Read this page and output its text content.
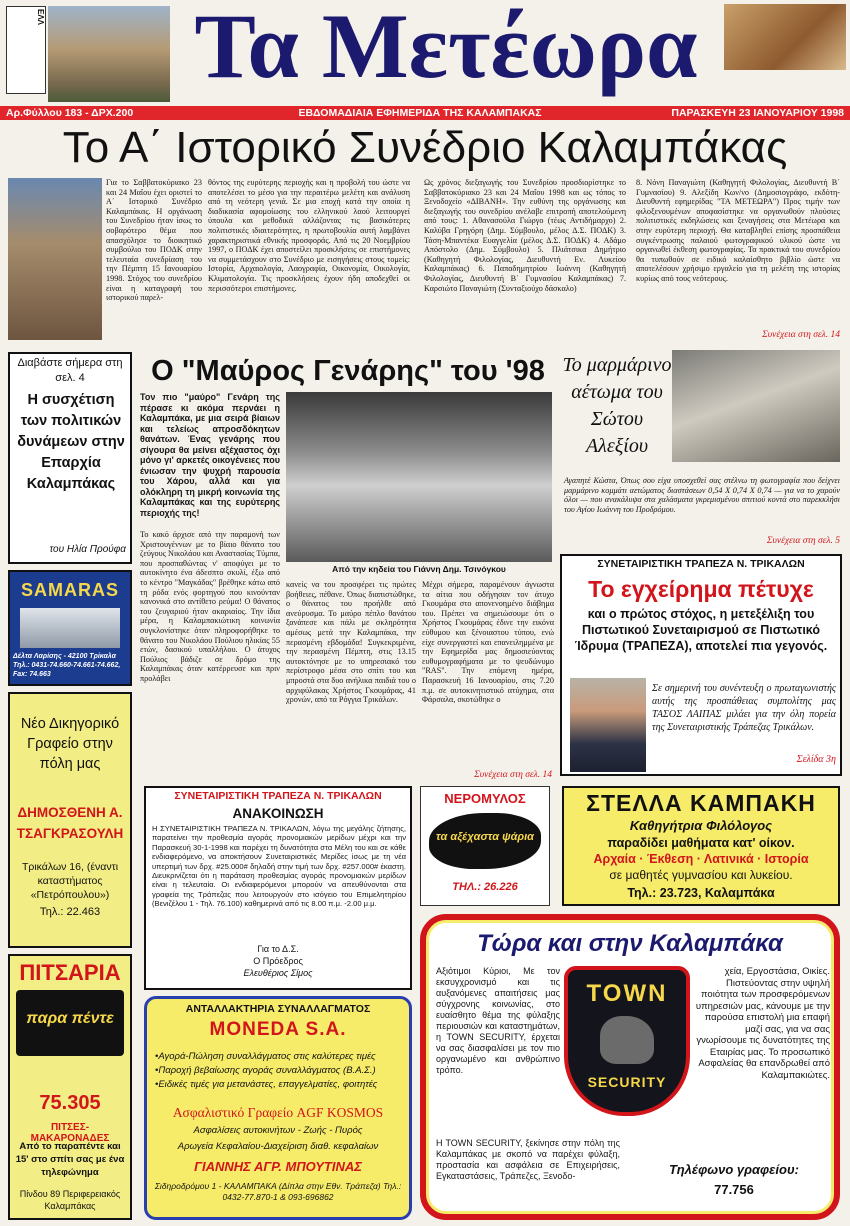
ΕΛΛ Τα Μετέωρα
Αρ.Φύλλου 183 - ΔΡΧ.200	ΕΒΔΟΜΑΔΙΑΙΑ ΕΦΗΜΕΡΙΔΑ ΤΗΣ ΚΑΛΑΜΠΑΚΑΣ	ΠΑΡΑΣΚΕΥΗ 23 ΙΑΝΟΥΑΡΙΟΥ 1998
Το Α΄ Ιστορικό Συνέδριο Καλαμπάκας
Για το Σαββατοκύριακο 23 και 24 Μαΐου έχει οριστεί το Α΄ Ιστορικό Συνέδριο Καλαμπάκας. Η οργάνωση του Συνεδρίου ήταν ίσως το σοβαρότερο θέμα που απασχόλησε το διοικητικό συμβούλιο του ΠΟΔΚ στην τελευταία συνεδρίαση του την Πέμπτη 15 Ιανουαρίου 1998. Στόχος του συνεδρίου είναι η καταγραφή του ιστορικού παρελ-
θόντος της ευρύτερης περιοχής και η προβολή του ώστε να αποτελέσει το μέσο για την περαιτέρω μελέτη και ανάλυση από τη νεότερη γενιά. Σε μια εποχή κατά την οποία η διαδικασία αφομοίωσης του ελληνικού λαού λειτουργεί ύπουλα και μεθοδικά αλλάζοντας τις βασικότερες πολιτιστικές ιδιαιτερότητες, η πρωτοβουλία αυτή λαμβάνει χαρακτηριστικά εθνικής προσφοράς. Από τις 20 Νοεμβρίου 1997, ο ΠΟΔΚ έχει αποστείλει προσκλήσεις σε επιστήμονες να συμμετάσχουν στο Συνέδριο με εισηγήσεις στους τομείς: Ιστορία, Αρχαιολογία, Λαογραφία, Οικονομία, Οικολογία, Κλιματολογία. Τις προσκλήσεις έχουν ήδη αποδεχθεί οι περισσότεροι επιστήμονες.
Ως χρόνος διεξαγωγής του Συνεδρίου προσδιορίστηκε το Σαββατοκύριακο 23 και 24 Μαΐου 1998 και ως τόπος το Ξενοδοχείο «ΔΙΒΑΝΗ». Την ευθύνη της οργάνωσης και διεξαγωγής του συνεδρίου ανέλαβε επιτροπή αποτελούμενη από τους: 1. Αθανασούλα Γιώργο (τέως Αντιδήμαρχο) 2. Καλύβα Γρηγόρη (Δημ. Σύμβουλο, μέλος Δ.Σ. ΠΟΔΚ) 3. Τάση-Μπαντέκα Ευαγγελία (μέλος Δ.Σ. ΠΟΔΚ) 4. Αδάμο Απόστολο (Δημ. Σύμβουλο) 5. Πλιάτσικα Δημήτριο (Καθηγητή Φιλολογίας, Διευθυντή Εν. Λυκείου Καλαμπάκας) 6. Παπαδημητρίου Ιωάννη (Καθηγητή Φιλολογίας, Διευθυντή Β΄ Γυμνασίου Καλαμπάκας) 7. Καρσιώτο Παναγιώτη (Συνταξιούχο δάσκαλο)
8. Νόνη Παναγιώτη (Καθηγητή Φιλολογίας, Διευθυντή Β΄ Γυμνασίου) 9. Αλεξίδη Κων/νο (Δημοσιογράφο, εκδότη-Διευθυντή εφημερίδας "ΤΑ ΜΕΤΕΩΡΑ") Προς τιμήν των φιλοξενουμένων αποφασίστηκε να οργανωθούν πλούσιες πολιτιστικές εκδηλώσεις και ξεναγήσεις στα Μετέωρα και στην ευρύτερη περιοχή. Θα καταβληθεί επίσης προσπάθεια συγκέντρωσης παλαιού φωτογραφικού υλικού ώστε να οργανωθεί έκθεση φωτογραφίας. Τα πρακτικά του συνεδρίου θα τυπωθούν σε ειδικό καλαίσθητο βιβλίο ώστε να αποτελέσουν χρήσιμο εργαλείο για τη μελέτη της ιστορίας κυρίως από τους νεότερους.
Συνέχεια στη σελ. 14
Διαβάστε σήμερα στη σελ. 4
Η συσχέτιση των πολιτικών δυνάμεων στην Επαρχία Καλαμπάκας
του Ηλία Προύφα
SAMARAS
Δέλτα Λαρίσης - 42100 Τρίκαλα Τηλ.: 0431-74.660-74.661-74.662, Fax: 74.663
Νέο Δικηγορικό Γραφείο στην πόλη μας
ΔΗΜΟΣΘΕΝΗ Α. ΤΣΑΓΚΡΑΣΟΥΛΗ
Τρικάλων 16, (έναντι καταστήματος «Πετρόπουλου»)
Τηλ.: 22.463
ΠΙΤΣΑΡΙΑ
παρα πέντε
75.305
ΠΙΤΣΕΣ-ΜΑΚΑΡΟΝΑΔΕΣ
Από το παραπέντε και 15' στο σπίτι σας με ένα τηλεφώνημα
Πίνδου 89 Περιφερειακός Καλαμπάκας
Ο "Μαύρος Γενάρης" του '98
Τον πιο "μαύρο" Γενάρη της πέρασε κι ακόμα περνάει η Καλαμπάκα, με μια σειρά βίαιων και τελείως απροσδόκητων θανάτων. Ένας γενάρης που σίγουρα θα μείνει αξέχαστος όχι μόνο γι' αρκετές οικογένειες που ένιωσαν την ψυχρή παρουσία του Χάρου, αλλά και για ολόκληρη τη μικρή κοινωνία της Καλαμπάκας και της ευρύτερης περιοχής της!
Το κακό άρχισε από την παραμονή των Χριστουγέννων με το βίαιο θάνατο του ζεύγους Νικολάου και Αναστασίας Τύμπα, που προσπαθώντας ν' αποφύγει με το αυτοκίνητο ένα άδεσπτο σκυλί, έξω από το κέντρο "Μαγκάδας" βρέθηκε κάτω από τη ρόδα ενός φορτηγού που κινούνταν κανονικά στο αντίθετο ρεύμα! Ο θάνατος του ζευγαριού ήταν ακαριαίος. Την ίδια μέρα, η Καλαμπακιώτικη κοινωνία συγκλονίστηκε όταν πληροφορήθηκε το θάνατο του Νικολάου Πούλιου ηλικίας 55 ετών, δασικού υπαλλήλου. Ο άτυχος Πούλιος βάδιζε σε δρόμο της Καλαμπάκας όταν κατέρρευσε και πριν προλάβει
Από την κηδεία του Γιάννη Δημ. Τσινόγκου
κανείς να του προσφέρει τις πρώτες βοήθειες, πέθανε. Όπως διαπιστώθηκε, ο θάνατος του προήλθε από ανεύρυσμα. Το μαύρο πέπλο θανάτου ξανάπεσε και πάλι με σκληρότητα αμέσως μετά την Καλαμπάκα, την περασμένη εβδομάδα! Συγκεκριμένα, την περασμένη Πέμπτη, στις 13.15 αυτοκτόνησε με το υπηρεσιακό του περίστροφο μέσα στο σπίτι του και μπροστά στα δυο ανήλικα παιδιά του ο αρχιφύλακας Χρήστος Γκουμάρας, 41 χρονών, από τα Ρόγγια Τρικάλων.
Μέχρι σήμερα, παραμένουν άγνωστα τα αίτια που οδήγησαν τον άτυχο Γκουμάρα στο απονενοημένο διάβημα του. Πρέπει να σημειώσουμε ότι ο Χρήστος Γκουμάρας έδινε την εικόνα εύθυμου και ξένοιαστου τύπου, ενώ είχε συνεργαστεί και επανειλημμένα με την Εφημερίδα μας δημοσιεύοντας ευθυμογραφήματα με το ψευδώνυμο "RAS". Την επόμενη ημέρα, Παρασκευή 16 Ιανουαρίου, στις 7.20 π.μ. σε αυτοκινητιστικό ατύχημα, στα Φάρσαλα, σκοτώθηκε ο
Συνέχεια στη σελ. 14
Το μαρμάρινο αέτωμα του Σώτου Αλεξίου
Αγαπητέ Κώστα, Όπως σου είχα υποσχεθεί σας στέλνω τη φωτογραφία που δείχνει μαρμάρινο κομμάτι αετώματος διαστάσεων 0,54 Χ 0,74 Χ 0,74 — για να το χαρούν όλοι — που ανακάλυψα στα χαλάσματα γκρεμισμένου σπιτιού κοντά στο παρεκκλήσι του Αγίου Ιωάννη του Προδρόμου.
Συνέχεια στη σελ. 5
ΣΥΝΕΤΑΙΡΙΣΤΙΚΗ ΤΡΑΠΕΖΑ Ν. ΤΡΙΚΑΛΩΝ
Το εγχείρημα πέτυχε
και ο πρώτος στόχος, η μετεξέλιξη του Πιστωτικού Συνεταιρισμού σε Πιστωτικό Ίδρυμα (ΤΡΑΠΕΖΑ), αποτελεί πια γεγονός.
Σε σημερινή του συνέντευξη ο πρωταγωνιστής αυτής της προσπάθειας συμπολίτης μας ΤΑΣΟΣ ΛΑΙΠΑΣ μιλάει για την όλη πορεία της Συνεταιριστικής Τράπεζας Τρικάλων.
Σελίδα 3η
ΣΥΝΕΤΑΙΡΙΣΤΙΚΗ ΤΡΑΠΕΖΑ Ν. ΤΡΙΚΑΛΩΝ
ΑΝΑΚΟΙΝΩΣΗ
Η ΣΥΝΕΤΑΙΡΙΣΤΙΚΗ ΤΡΑΠΕΖΑ Ν. ΤΡΙΚΑΛΩΝ, λόγω της μεγάλης ζήτησης, παρατείνει την προθεσμία αγοράς προνομιακών μερίδων μέχρι και την Παρασκευή 30-1-1998 και παρέχει τη δυνατότητα στα Μέλη του και σε κάθε ενδιαφερόμενο, να αποκτήσουν Συνεταιριστικές Μερίδες ίσως με τη νέα υπερτιμή των δρχ. #25.000# δηλαδή στην τιμή των δρχ. #257.000# έκαστη. Διευκρινίζεται ότι η παράταση προθεσμίας αγοράς προνομιακών μερίδων είναι η τελευταία. Οι ενδιαφερόμενοι μπορούν να απευθύνονται στα γραφεία της Τράπεζας που λειτουργούν στο ισόγειο του Επιμελητηρίου (Βενιζέλου 1 - Τηλ. 76.100) καθημερινά από τις 8.00 π.μ. -2.00 μ.μ.
Για το Δ.Σ.
Ο Πρόεδρος
Ελευθέριος Σίμος
ΝΕΡΟΜΥΛΟΣ
τα αξέχαστα ψάρια
ΤΗΛ.: 26.226
ΣΤΕΛΛΑ ΚΑΜΠΑΚΗ
Καθηγήτρια Φιλόλογος
παραδίδει μαθήματα κατ' οίκον.
Αρχαία · Έκθεση · Λατινικά · Ιστορία
σε μαθητές γυμνασίου και λυκείου.
Τηλ.: 23.723, Καλαμπάκα
ΑΝΤΑΛΛΑΚΤΗΡΙΑ ΣΥΝΑΛΛΑΓΜΑΤΟΣ
MONEDA S.A.
•Αγορά-Πώληση συναλλάγματος στις καλύτερες τιμές
•Παροχή βεβαίωσης αγοράς συναλλάγματος (Β.Α.Σ.)
•Ειδικές τιμές για μετανάστες, επαγγελματίες, φοιτητές
Ασφαλιστικό Γραφείο AGF KOSMOS
Ασφαλίσεις αυτοκινήτων - Ζωής - Πυρός
Αρωγεία Κεφαλαίου-Διαχείριση διαθ. κεφαλαίων
ΓΙΑΝΝΗΣ ΑΓΡ. ΜΠΟΥΤΙΝΑΣ
Σιδηροδρόμου 1 - ΚΑΛΑΜΠΑΚΑ (Δίπλα στην Εθν. Τράπεζα) Τηλ.: 0432-77.870-1 & 093-696862
Τώρα και στην Καλαμπάκα
Αξιότιμοι Κύριοι, Με τον εκσυγχρονισμό και τις αυξανόμενες απαιτήσεις μας σύγχρονης κοινωνίας, στο ευαίσθητο θέμα της φύλαξης περιουσιών και καταστημάτων, η TOWN SECURITY, έρχεται να σας διασφαλίσει με τον πιο οργανωμένο και ανθρώπινο τρόπο.
TOWN
SECURITY
χεία, Εργοστάσια, Οικίες. Πιστεύοντας στην υψηλή ποιότητα των προσφερόμενων υπηρεσιών μας, κάνουμε με την παρούσα επιστολή μια επαφή μαζί σας, για να σας γνωρίσουμε τις δυνατότητες της Εταιρίας μας. Το προσωπικό Ασφαλείας θα επανδρωθεί από Καλαμπακιώτες.
Η TOWN SECURITY, ξεκίνησε στην πόλη της Καλαμπάκας με σκοπό να παρέχει φύλαξη, προστασία και ασφάλεια σε Επιχειρήσεις, Εγκαταστάσεις, Τράπεζες, Ξενοδο-	Τηλέφωνο γραφείου:
77.756
